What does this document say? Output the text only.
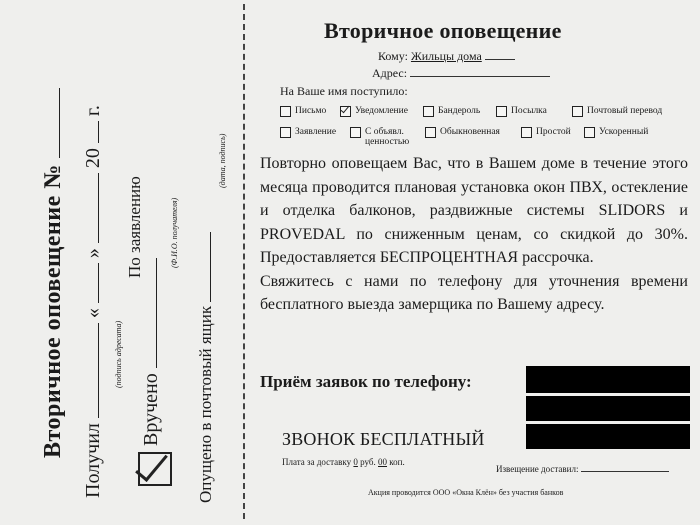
Вторичное оповещение №
Получил  «  »  20  г.
(подпись адресата)
По заявлению	(Ф.И.О. получателя)
Вручено Опущено в почтовый ящик
(дата, подпись)
Вторичное оповещение
Кому: Жильцы дома
Адрес:
На Ваше имя поступило:
Письмо	Уведомление	Бандероль	Посылка	Почтовый перевод
Заявление	С объявл. ценностью
Обыкновенная	Простой	Ускоренный

Повторно оповещаем Вас, что в Вашем доме в течение этого месяца проводится плановая установка окон ПВХ, остекление и отделка балконов, раздвижные системы SLIDORS и PROVEDAL по сниженным ценам, со скидкой до 30%. Предоставляется БЕСПРОЦЕНТНАЯ рассрочка.

Свяжитесь с нами по телефону для уточнения времени бесплатного выезда замерщика по Вашему адресу.

Приём заявок по телефону:
ЗВОНОК БЕСПЛАТНЫЙ
Плата за доставку 0 руб. 00 коп.
Извещение доставил:
Акция проводится ООО «Окна Клён» без участия банков
